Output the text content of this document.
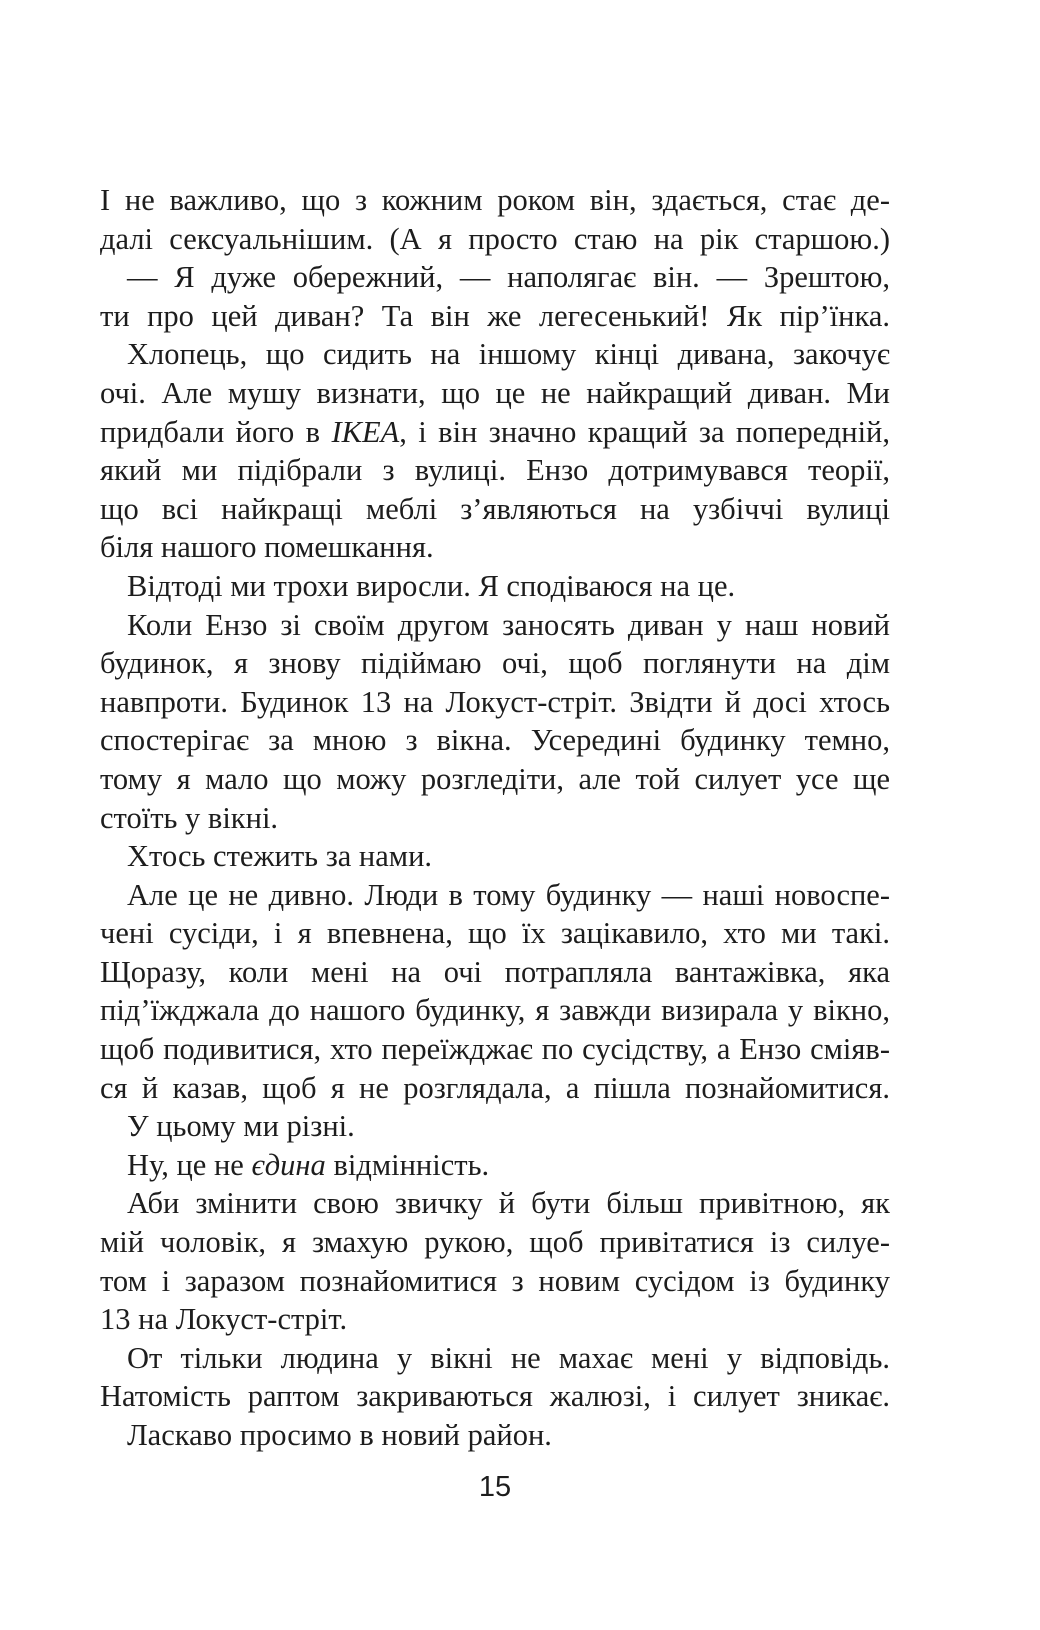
І не важливо, що з кожним роком він, здається, стає де-
далі сексуальнішим. (А я просто стаю на рік старшою.)
— Я дуже обережний, — наполягає він. — Зрештою,
ти про цей диван? Та він же легесенький! Як пір’їнка.
Хлопець, що сидить на іншому кінці дивана, закочує
очі. Але мушу визнати, що це не найкращий диван. Ми
придбали його в IKEA, і він значно кращий за попередній,
який ми підібрали з вулиці. Ензо дотримувався теорії,
що всі найкращі меблі з’являються на узбіччі вулиці
біля нашого помешкання.
Відтоді ми трохи виросли. Я сподіваюся на це.
Коли Ензо зі своїм другом заносять диван у наш новий
будинок, я знову підіймаю очі, щоб поглянути на дім
навпроти. Будинок 13 на Локуст-стріт. Звідти й досі хтось
спостерігає за мною з вікна. Усередині будинку темно,
тому я мало що можу розгледіти, але той силует усе ще
стоїть у вікні.
Хтось стежить за нами.
Але це не дивно. Люди в тому будинку — наші новоспе-
чені сусіди, і я впевнена, що їх зацікавило, хто ми такі.
Щоразу, коли мені на очі потрапляла вантажівка, яка
під’їжджала до нашого будинку, я завжди визирала у вікно,
щоб подивитися, хто переїжджає по сусідству, а Ензо сміяв-
ся й казав, щоб я не розглядала, а пішла познайомитися.
У цьому ми різні.
Ну, це не єдина відмінність.
Аби змінити свою звичку й бути більш привітною, як
мій чоловік, я змахую рукою, щоб привітатися із силуе-
том і заразом познайомитися з новим сусідом із будинку
13 на Локуст-стріт.
От тільки людина у вікні не махає мені у відповідь.
Натомість раптом закриваються жалюзі, і силует зникає.
Ласкаво просимо в новий район.
15
